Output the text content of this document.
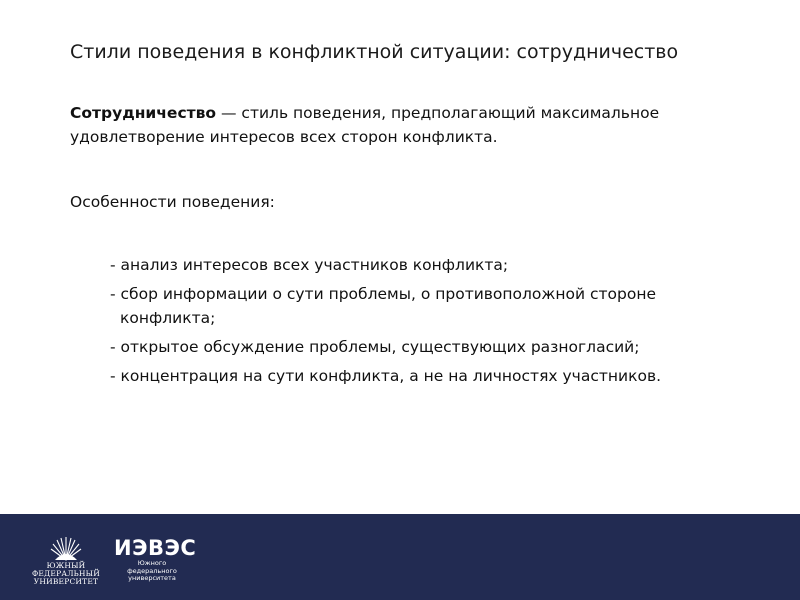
Стили поведения в конфликтной ситуации: сотрудничество
Сотрудничество — стиль поведения, предполагающий максимальное удовлетворение интересов всех сторон конфликта.
Особенности поведения:
- анализ интересов всех участников конфликта;
- сбор информации о сути проблемы, о противоположной стороне конфликта;
- открытое обсуждение проблемы, существующих разногласий;
- концентрация на сути конфликта, а не на личностях участников.
ЮЖНЫЙ
ФЕДЕРАЛЬНЫЙ
УНИВЕРСИТЕТ
ИЭВЭС
Южного федерального
университета
